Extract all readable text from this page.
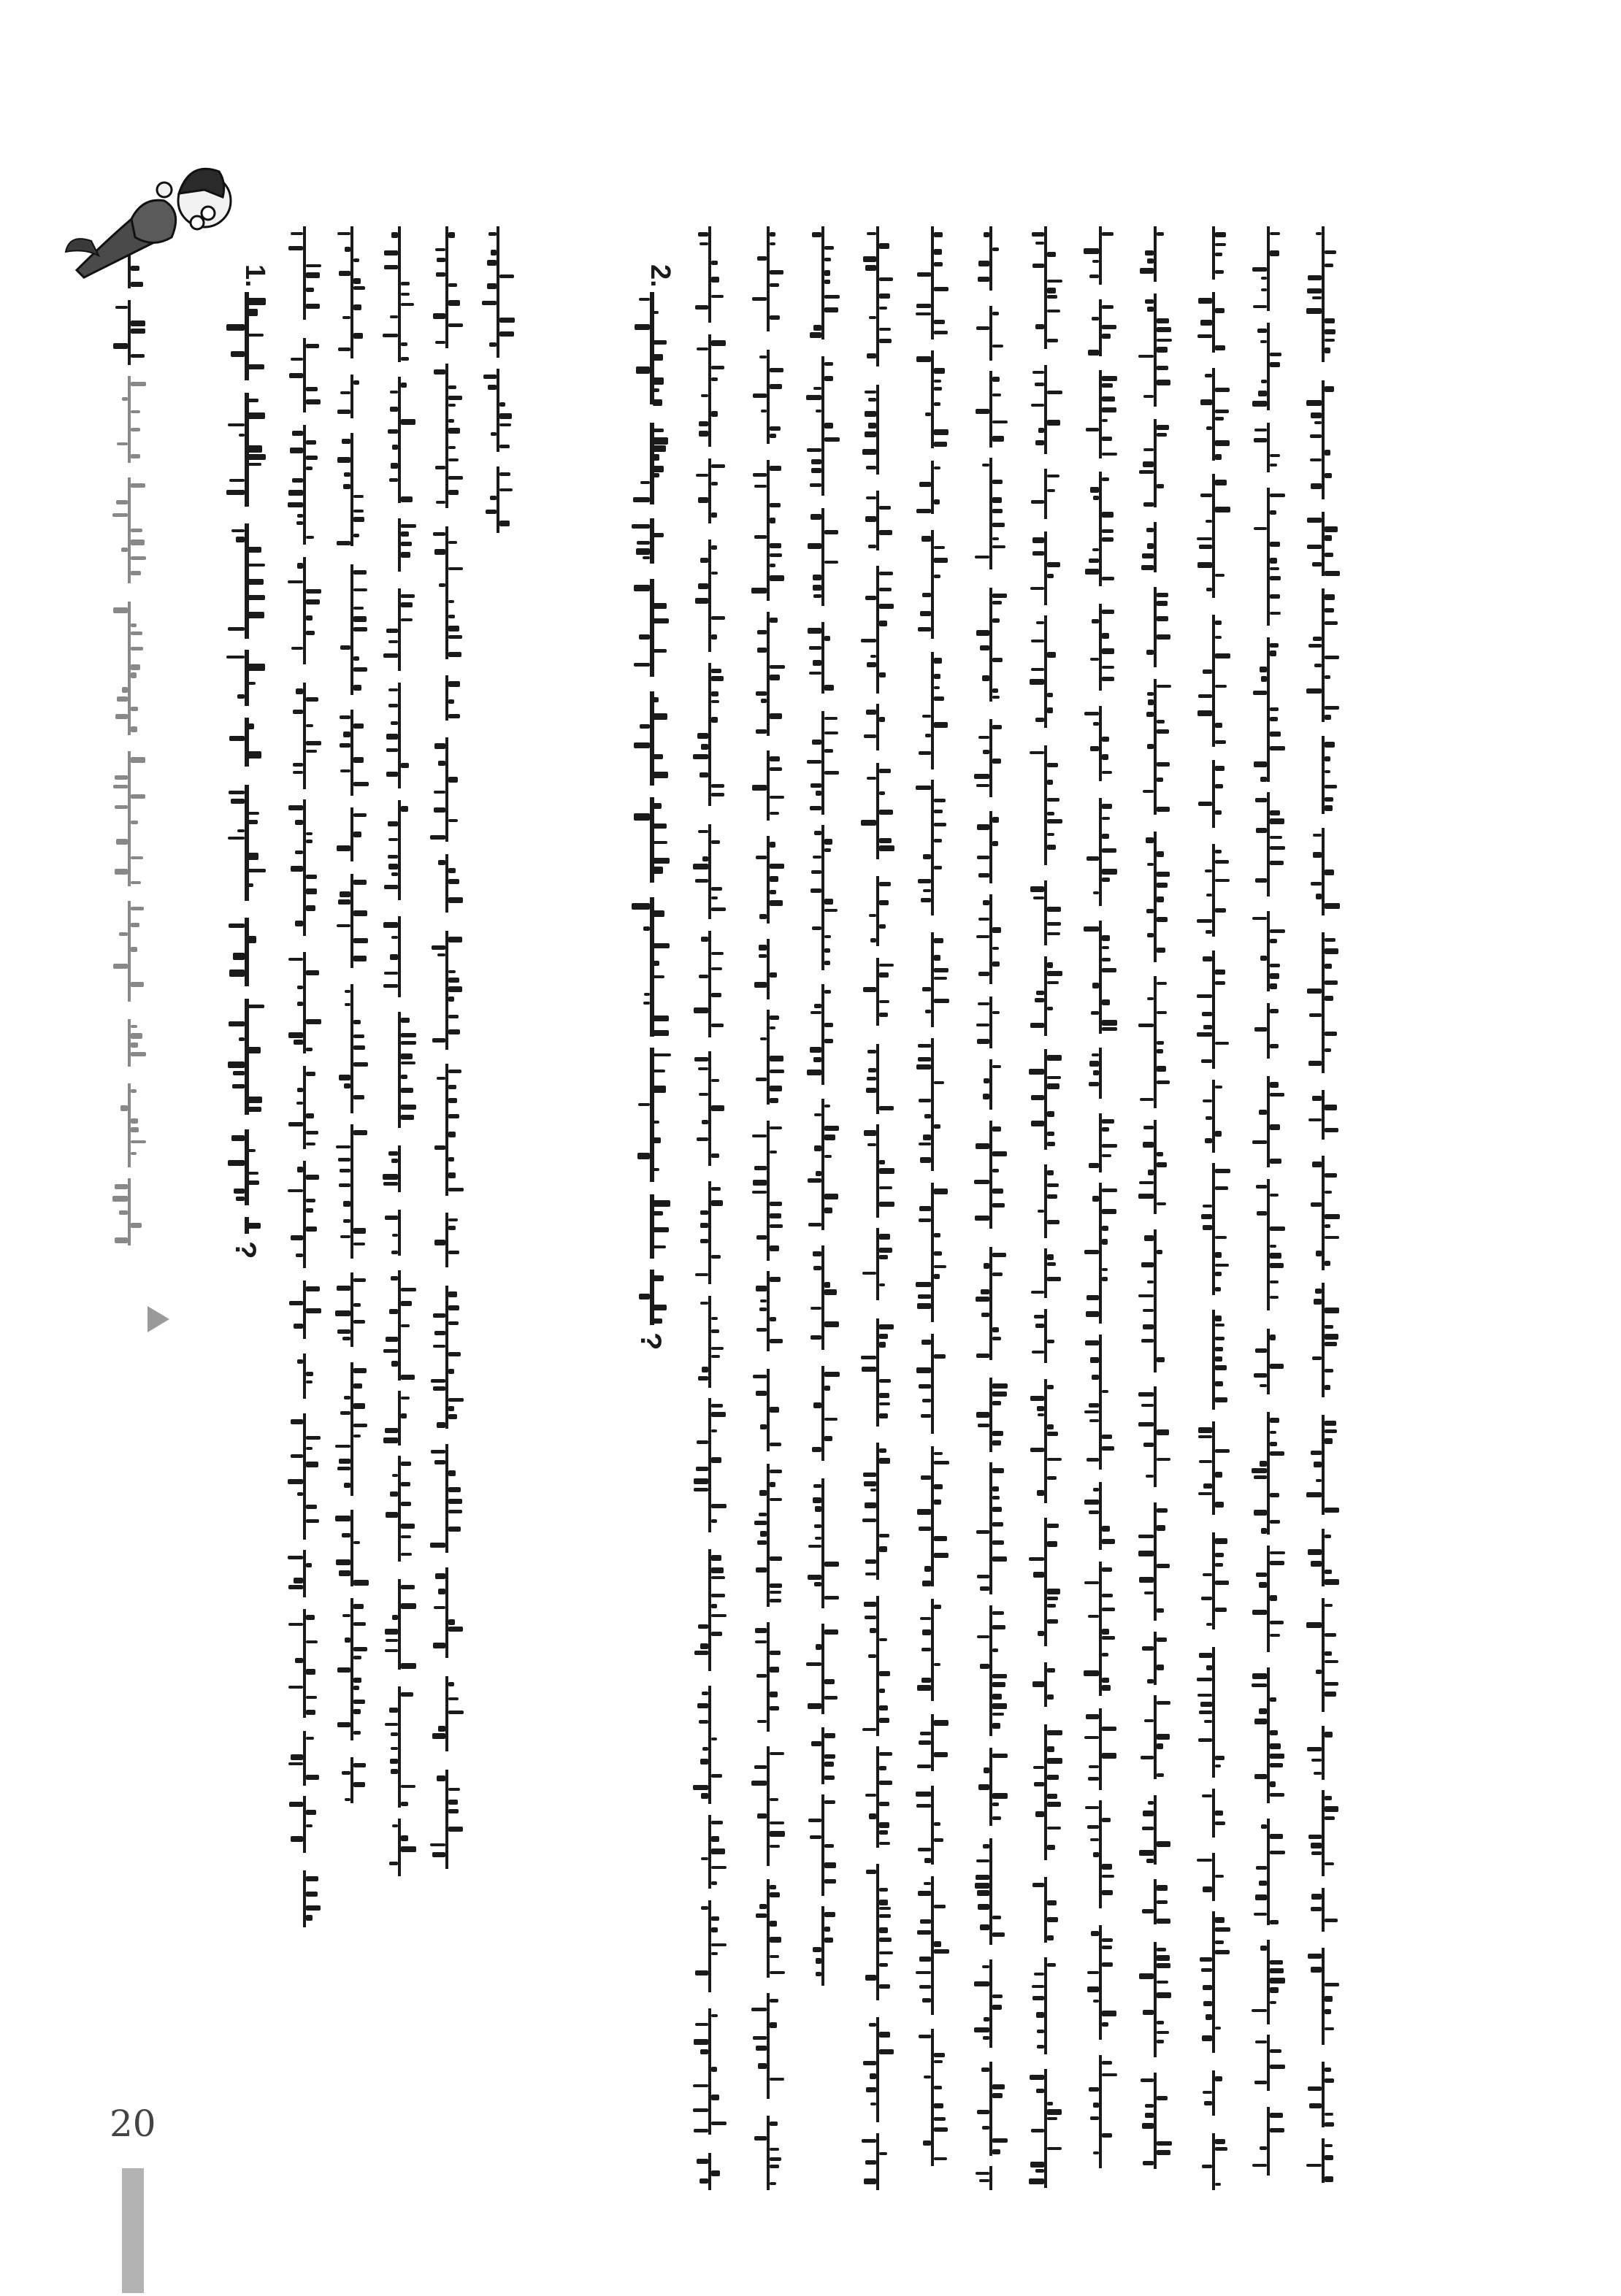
1.
?
2.
?
20
